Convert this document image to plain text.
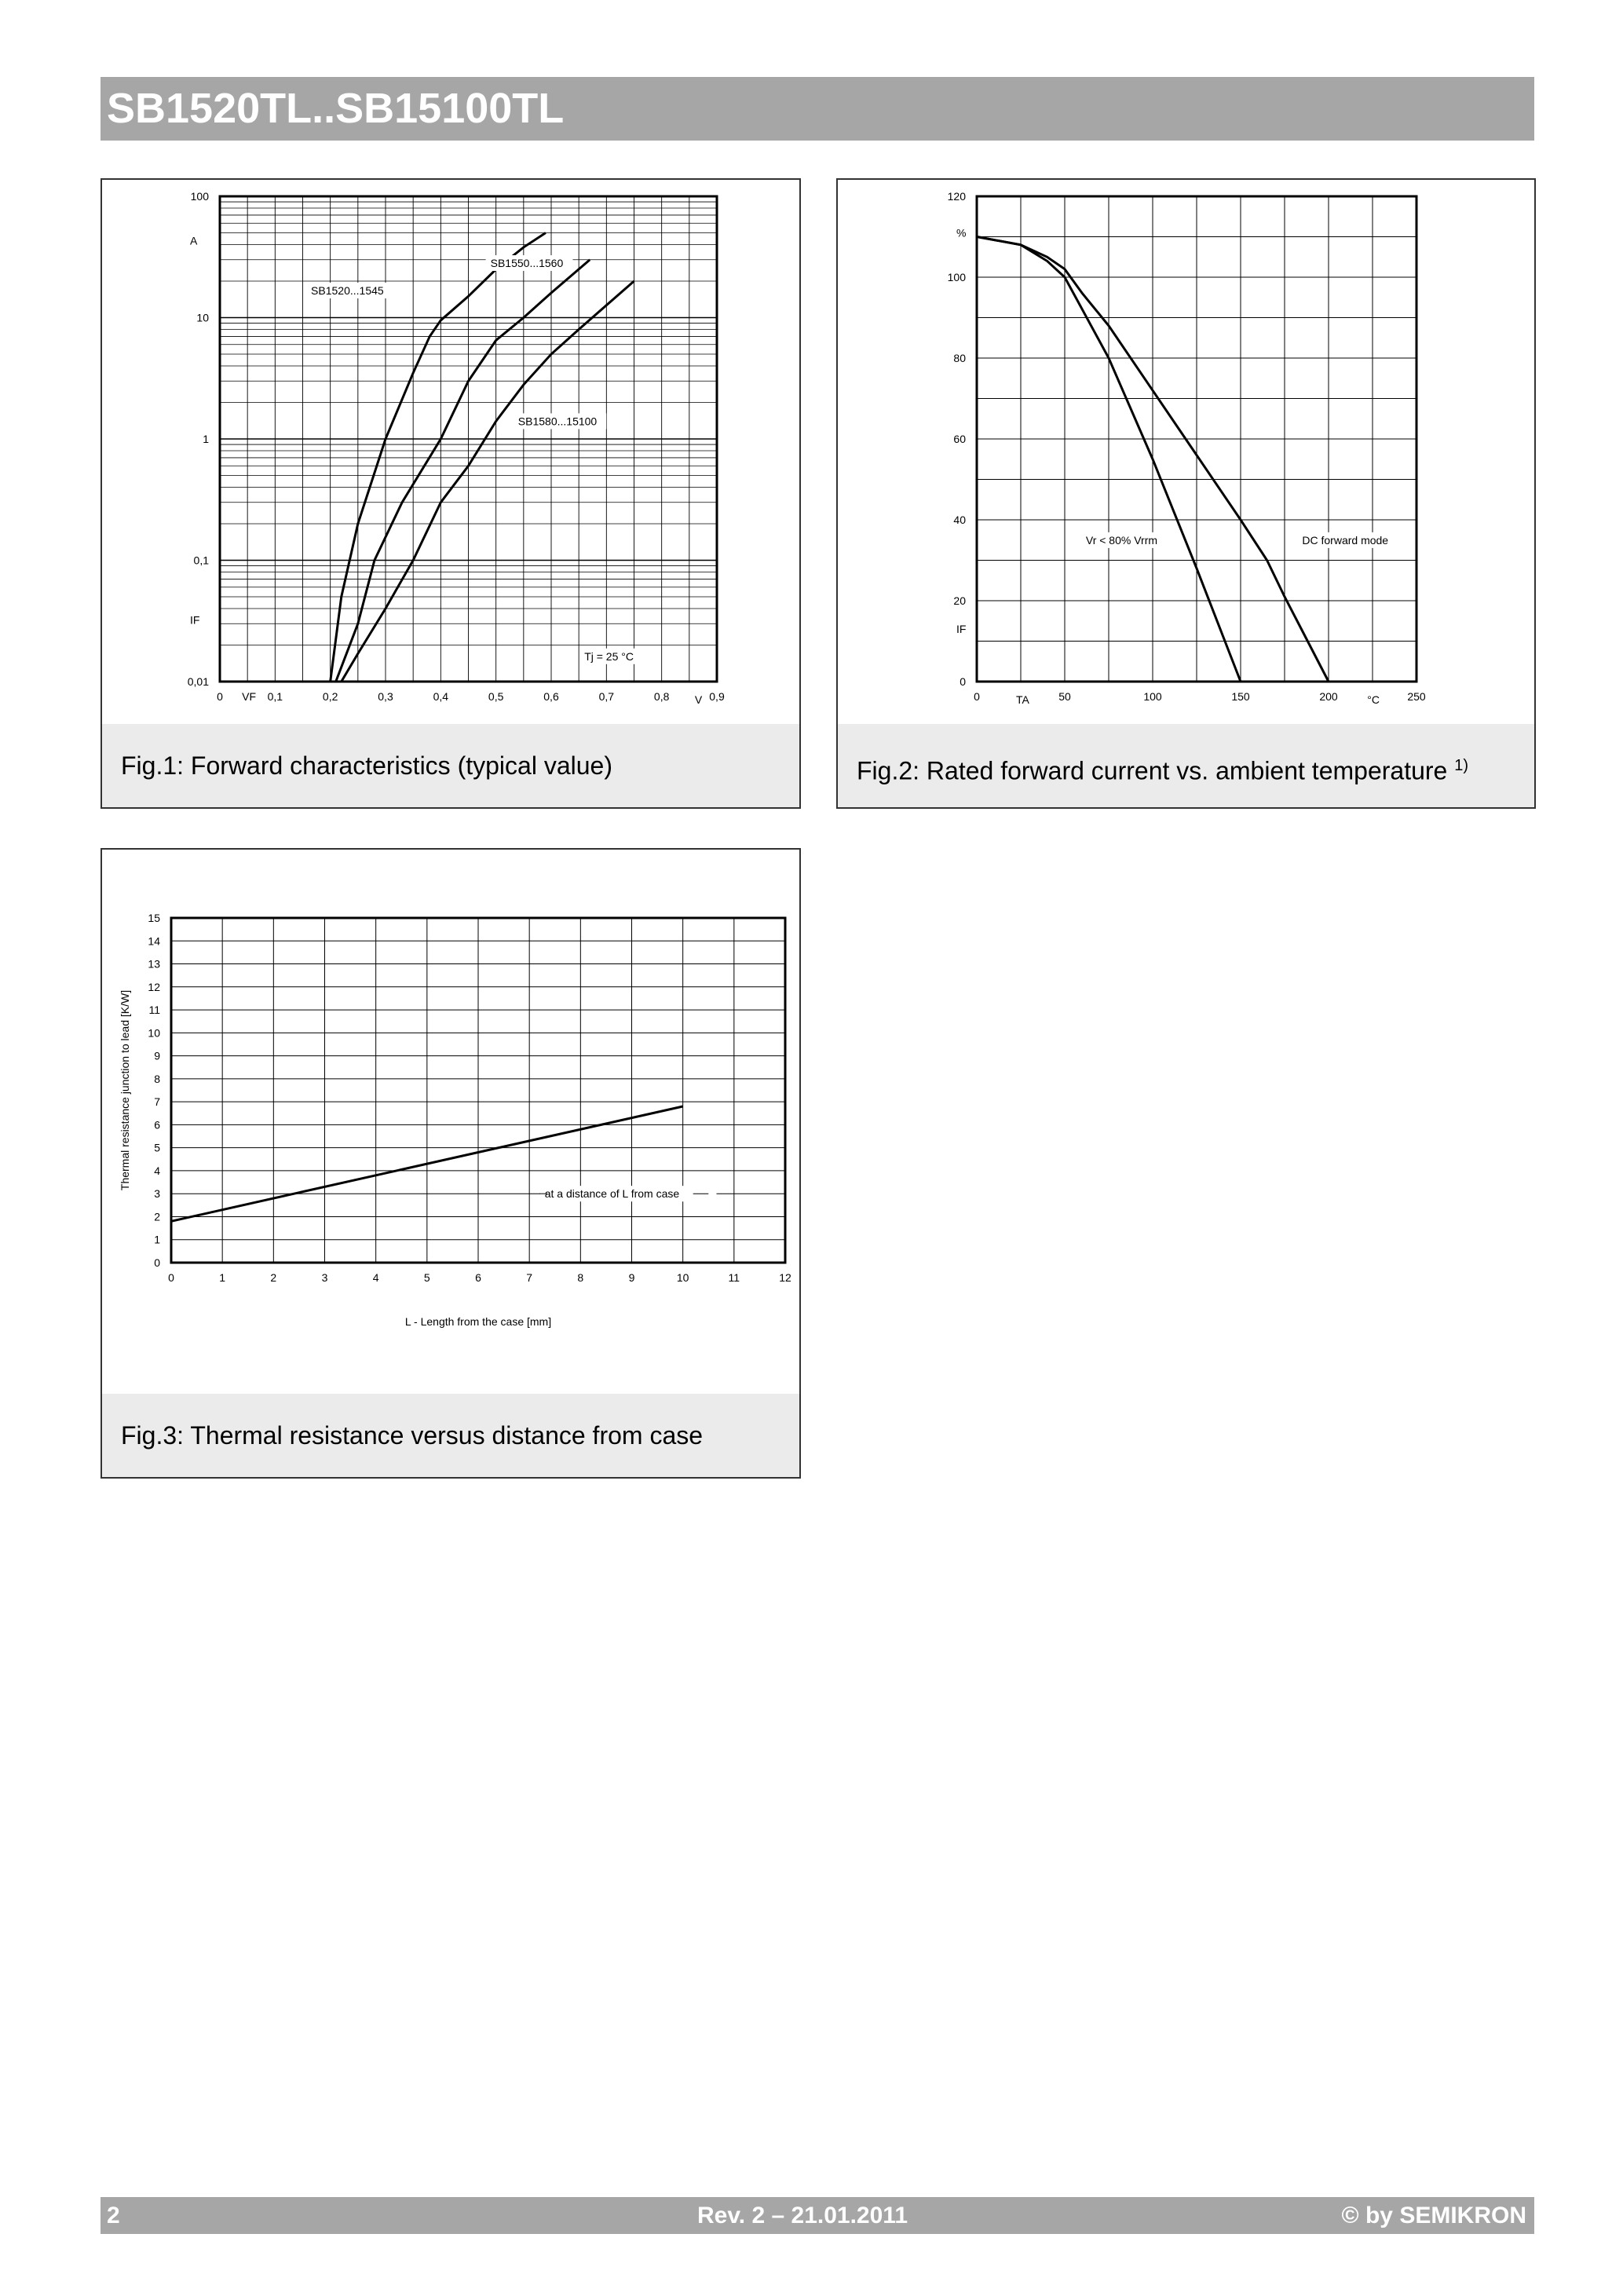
SB1520TL..SB15100TL
0	0,1	0,2	0,3	0,4	0,5	0,6	0,7	0,8	0,9
0,01
0,1
1
10
100
SB1550...1560
SB1520...1545
SB1580...15100
Tj = 25 °C
A
IF
VF	V
Fig.1: Forward characteristics (typical value)
0	50	100	150	200	250
0
20
40
60
80
100
120
Vr < 80% Vrrm	DC forward mode
%
IF
TA	°C
Fig.2: Rated forward current vs. ambient temperature $^{1)}$
0	1	2	3	4	5	6	7	8	9	10	11	12
0
1
2
3
4
5
6
7
8
9
10
11
12
13
14
15
at a distance of L from case
L - Length from the case [mm]
Thermal resistance junction to lead [K/W]
Fig.3: Thermal resistance versus distance from case
2	Rev. 2 – 21.01.2011	© by SEMIKRON
